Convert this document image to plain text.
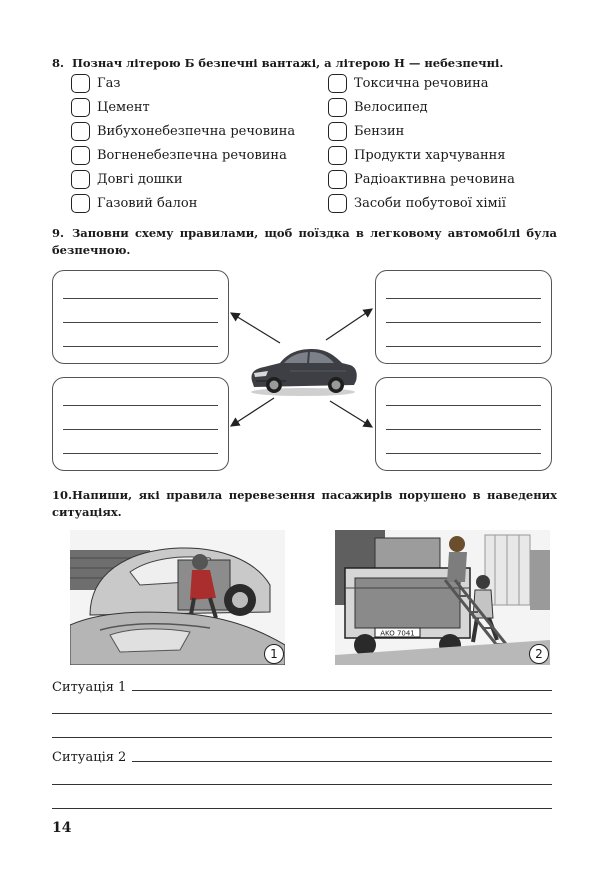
8. Познач літерою Б безпечні вантажі, а літерою Н — небезпечні.
Газ
Цемент
Вибухонебезпечна речовина
Вогненебезпечна речовина
Довгі дошки
Газовий балон
Токсична речовина
Велосипед
Бензин
Продукти харчування
Радіоактивна речовина
Засоби побутової хімії
9. Заповни схему правилами, щоб поїздка в легковому автомобілі була безпечною.
10.Напиши, які правила перевезення пасажирів порушено в наведених ситуаціях.
1
AKO 7041
2
Ситуація 1
Ситуація 2
14
